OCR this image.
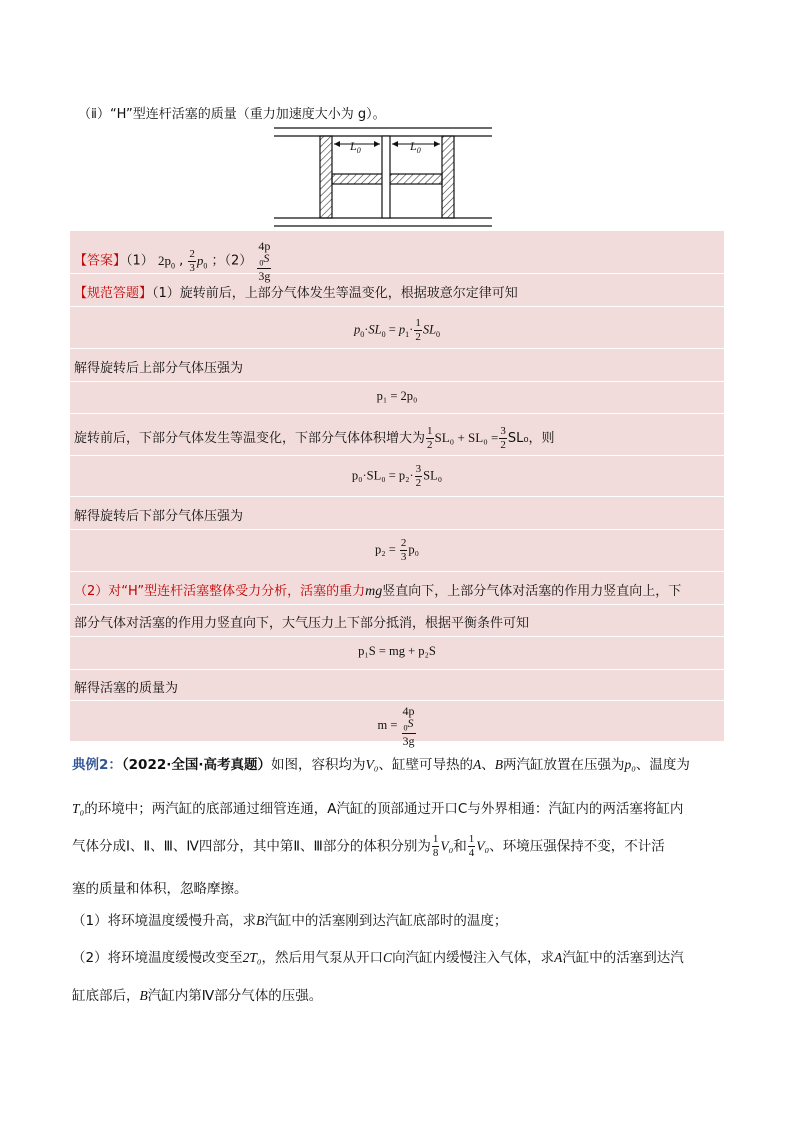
（ⅱ）“H”型连杆活塞的质量（重力加速度大小为 g）。
$L_0$	$L_0$
【答案】（1） $2p_0$ , $\frac{2}{3} p_0$ ；（2） 4p
$_0$S
3g
【规范答题】（1）旋转前后，上部分气体发生等温变化，根据玻意尔定律可知
$p_0\cdot SL_0 = p_1\cdot \frac{1}{2} SL_0$
解得旋转后上部分气体压强为
p₁ = 2p₀
旋转前后，下部分气体发生等温变化，下部分气体体积增大为 $\frac{1}{2} SL_0 + SL_0 = \frac{3}{2} SL_0$，则
$p_0\cdot SL_0 = p_2\cdot \frac{3}{2} SL_0$
解得旋转后下部分气体压强为
$p_2 = \frac{2}{3} p_0$
（2）对“H”型连杆活塞整体受力分析，活塞的重力mg竖直向下，上部分气体对活塞的作用力竖直向上，下
部分气体对活塞的作用力竖直向下，大气压力上下部分抵消，根据平衡条件可知
p₁S = mg + p₂S
解得活塞的质量为
m = 4p
$_0$S
3g
典例2：（2022·全国·高考真题）如图，容积均为V₀、缸壁可导热的A、B两汽缸放置在压强为p₀、温度为
T₀的环境中；两汽缸的底部通过细管连通，A汽缸的顶部通过开口C与外界相通：汽缸内的两活塞将缸内
气体分成Ⅰ、Ⅱ、Ⅲ、Ⅳ四部分，其中第Ⅱ、Ⅲ部分的体积分别为 $\frac{1}{8} V_0$和 $\frac{1}{4} V_0$、环境压强保持不变，不计活
塞的质量和体积，忽略摩擦。
（1）将环境温度缓慢升高，求B汽缸中的活塞刚到达汽缸底部时的温度；
（2）将环境温度缓慢改变至2T₀，然后用气泵从开口C向汽缸内缓慢注入气体，求A汽缸中的活塞到达汽
缸底部后，B汽缸内第Ⅳ部分气体的压强。
